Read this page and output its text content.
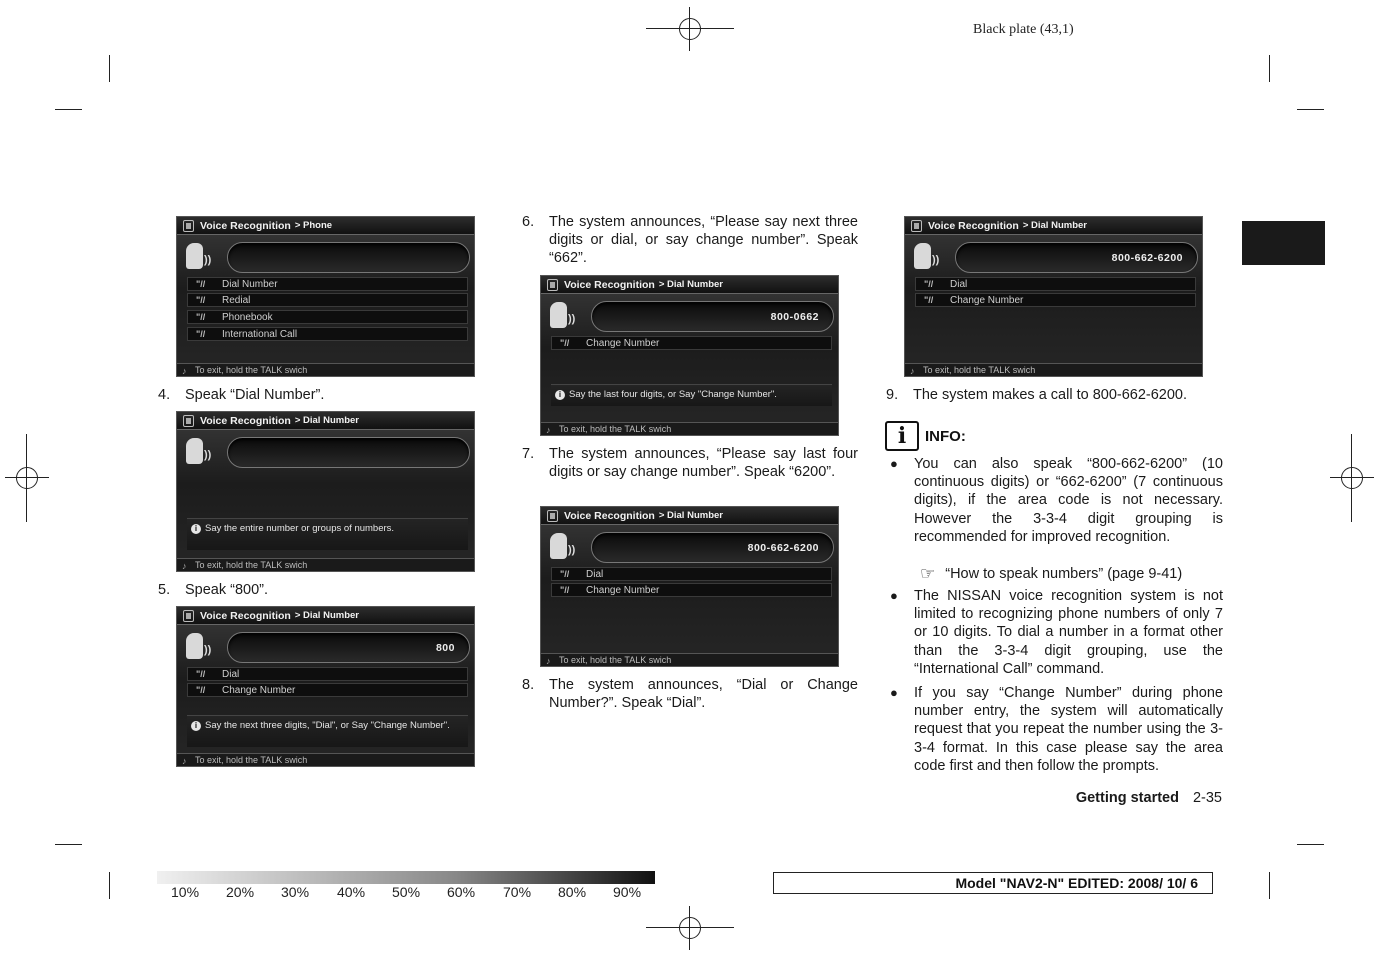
Black plate (43,1)
Voice Recognition > Phone
))
"// Dial Number
"// Redial
"// Phonebook
"// International Call
♪ To exit, hold the TALK swich
4. Speak “Dial Number”.
Voice Recognition > Dial Number
))
i Say the entire number or groups of numbers.
♪ To exit, hold the TALK swich
5. Speak “800”.
Voice Recognition > Dial Number
))	800
"// Dial
"// Change Number
i Say the next three digits, "Dial", or Say "Change Number".
♪ To exit, hold the TALK swich
6. The system announces, “Please say next three digits or dial, or say change number”. Speak “662”.
Voice Recognition > Dial Number
))	800-0662
"// Change Number
i Say the last four digits, or Say "Change Number".
♪ To exit, hold the TALK swich
7. The system announces, “Please say last four digits or say change number”. Speak “6200”.
Voice Recognition > Dial Number
))	800-662-6200
"// Dial
"// Change Number
♪ To exit, hold the TALK swich
8. The system announces, “Dial or Change Number?”. Speak “Dial”.
Voice Recognition > Dial Number
))	800-662-6200
"// Dial
"// Change Number
♪ To exit, hold the TALK swich
9. The system makes a call to 800-662-6200.
i INFO:
● You can also speak “800-662-6200” (10 continuous digits) or “662-6200” (7 continuous digits), if the area code is not necessary. However the 3-3-4 digit grouping is recommended for improved recognition.
☞ “How to speak numbers” (page 9-41)
● The NISSAN voice recognition system is not limited to recognizing phone numbers of only 7 or 10 digits. To dial a number in a format other than the 3-3-4 digit grouping, use the “International Call” command.
● If you say “Change Number” during phone number entry, the system will automatically request that you repeat the number using the 3-3-4 format. In this case please say the area code first and then follow the prompts.
Getting started 2-35
10% 20% 30% 40% 50% 60% 70% 80% 90%
Model "NAV2-N" EDITED: 2008/ 10/ 6
